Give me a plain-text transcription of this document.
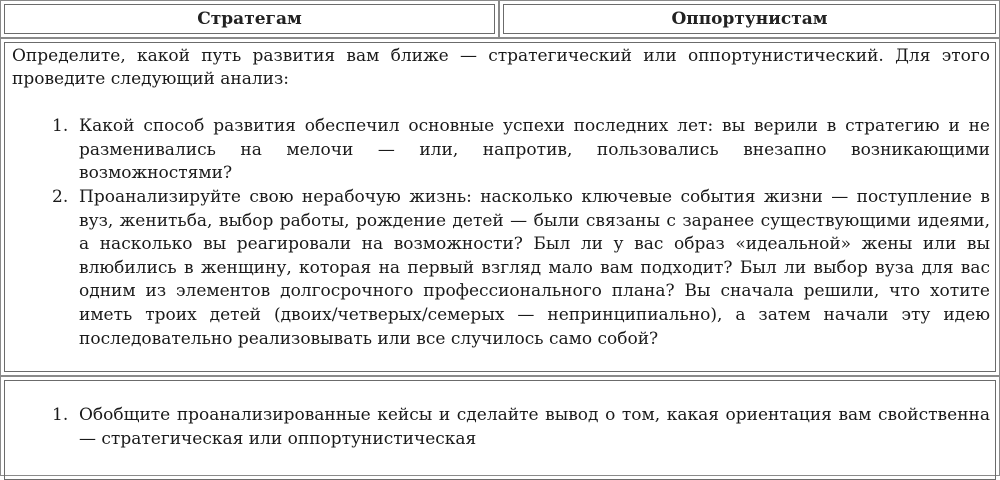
Стратегам	Оппортунистам
Определите, какой путь развития вам ближе — стратегический или оппортунистический. Для этого проведите следующий анализ:
1. Какой способ развития обеспечил основные успехи последних лет: вы верили в стратегию и не разменивались на мелочи — или, напротив, пользовались внезапно возникающими возможностями?
2. Проанализируйте свою нерабочую жизнь: насколько ключевые события жизни — поступление в вуз, женитьба, выбор работы, рождение детей — были связаны с заранее существующими идеями, а насколько вы реагировали на возможности? Был ли у вас образ «идеальной» жены или вы влюбились в женщину, которая на первый взгляд мало вам подходит? Был ли выбор вуза для вас одним из элементов долгосрочного профессионального плана? Вы сначала решили, что хотите иметь троих детей (двоих/четверых/семерых — непринципиально), а затем начали эту идею последовательно реализовывать или все случилось само собой?
1. Обобщите проанализированные кейсы и сделайте вывод о том, какая ориентация вам свойственна — стратегическая или оппортунистическая
